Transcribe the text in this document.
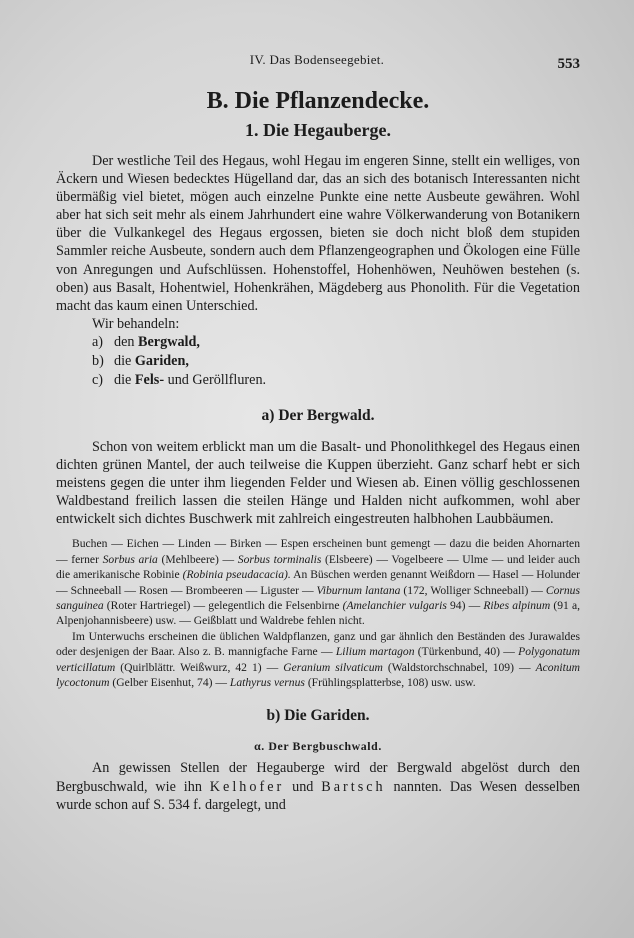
IV. Das Bodenseegebiet.	553
B. Die Pflanzendecke.
1. Die Hegauberge.

Der westliche Teil des Hegaus, wohl Hegau im engeren Sinne, stellt ein welliges, von Äckern und Wiesen bedecktes Hügelland dar, das an sich des botanisch Interessanten nicht übermäßig viel bietet, mögen auch einzelne Punkte eine nette Ausbeute gewähren. Wohl aber hat sich seit mehr als einem Jahrhundert eine wahre Völkerwanderung von Botanikern über die Vulkankegel des Hegaus ergossen, bieten sie doch nicht bloß dem stupiden Sammler reiche Ausbeute, sondern auch dem Pflanzengeographen und Ökologen eine Fülle von Anregungen und Aufschlüssen. Hohenstoffel, Hohenhöwen, Neuhöwen bestehen (s. oben) aus Basalt, Hohentwiel, Hohenkrähen, Mägdeberg aus Phonolith. Für die Vegetation macht das kaum einen Unterschied.

Wir behandeln:
a) den Bergwald,
b) die Gariden,
c) die Fels- und Geröllfluren.
a) Der Bergwald.

Schon von weitem erblickt man um die Basalt- und Phonolithkegel des Hegaus einen dichten grünen Mantel, der auch teilweise die Kuppen überzieht. Ganz scharf hebt er sich meistens gegen die unter ihm liegenden Felder und Wiesen ab. Einen völlig geschlossenen Waldbestand freilich lassen die steilen Hänge und Halden nicht aufkommen, wohl aber entwickelt sich dichtes Buschwerk mit zahlreich eingestreuten halbhohen Laubbäumen.

Buchen — Eichen — Linden — Birken — Espen erscheinen bunt gemengt — dazu die beiden Ahornarten — ferner Sorbus aria (Mehlbeere) — Sorbus torminalis (Elsbeere) — Vogelbeere — Ulme — und leider auch die amerikanische Robinie (Robinia pseudacacia). An Büschen werden genannt Weißdorn — Hasel — Holunder — Schneeball — Rosen — Brombeeren — Liguster — Viburnum lantana (172, Wolliger Schneeball) — Cornus sanguinea (Roter Hartriegel) — gelegentlich die Felsenbirne (Amelanchier vulgaris 94) — Ribes alpinum (91 a, Alpenjohannisbeere) usw. — Geißblatt und Waldrebe fehlen nicht.

Im Unterwuchs erscheinen die üblichen Waldpflanzen, ganz und gar ähnlich den Beständen des Jurawaldes oder desjenigen der Baar. Also z. B. mannigfache Farne — Lilium martagon (Türkenbund, 40) — Polygonatum verticillatum (Quirlblättr. Weißwurz, 42 1) — Geranium silvaticum (Waldstorchschnabel, 109) — Aconitum lycoctonum (Gelber Eisenhut, 74) — Lathyrus vernus (Frühlingsplatterbse, 108) usw. usw.

b) Die Gariden.
α. Der Bergbuschwald.

An gewissen Stellen der Hegauberge wird der Bergwald abgelöst durch den Bergbuschwald, wie ihn Kelhofer und Bartsch nannten. Das Wesen desselben wurde schon auf S. 534 f. dargelegt, und
